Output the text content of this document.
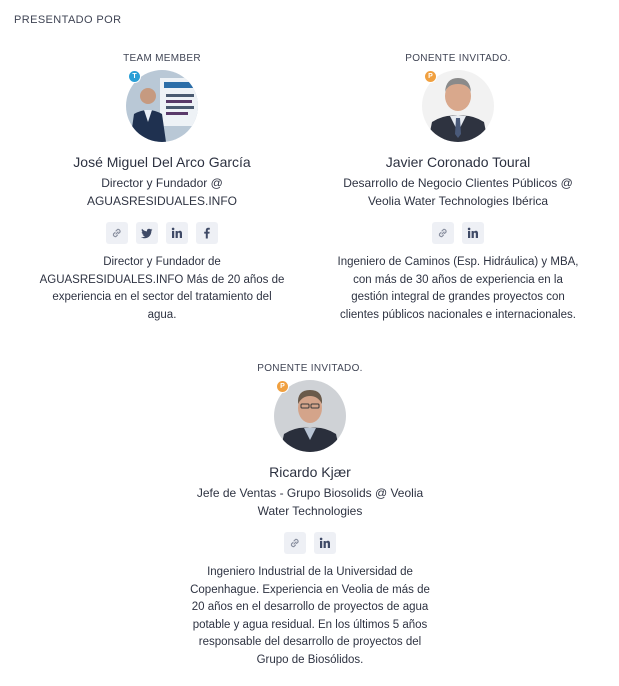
PRESENTADO POR
TEAM MEMBER
T
José Miguel Del Arco García
Director y Fundador @
AGUASRESIDUALES.INFO
Director y Fundador de
AGUASRESIDUALES.INFO Más de 20 años de
experiencia en el sector del tratamiento del
agua.
PONENTE INVITADO.
P
Javier Coronado Toural
Desarrollo de Negocio Clientes Públicos @
Veolia Water Technologies Ibérica
Ingeniero de Caminos (Esp. Hidráulica) y MBA,
con más de 30 años de experiencia en la
gestión integral de grandes proyectos con
clientes públicos nacionales e internacionales.
PONENTE INVITADO.
P
Ricardo Kjær
Jefe de Ventas - Grupo Biosolids @ Veolia
Water Technologies
Ingeniero Industrial de la Universidad de
Copenhague. Experiencia en Veolia de más de
20 años en el desarrollo de proyectos de agua
potable y agua residual. En los últimos 5 años
responsable del desarrollo de proyectos del
Grupo de Biosólidos.
